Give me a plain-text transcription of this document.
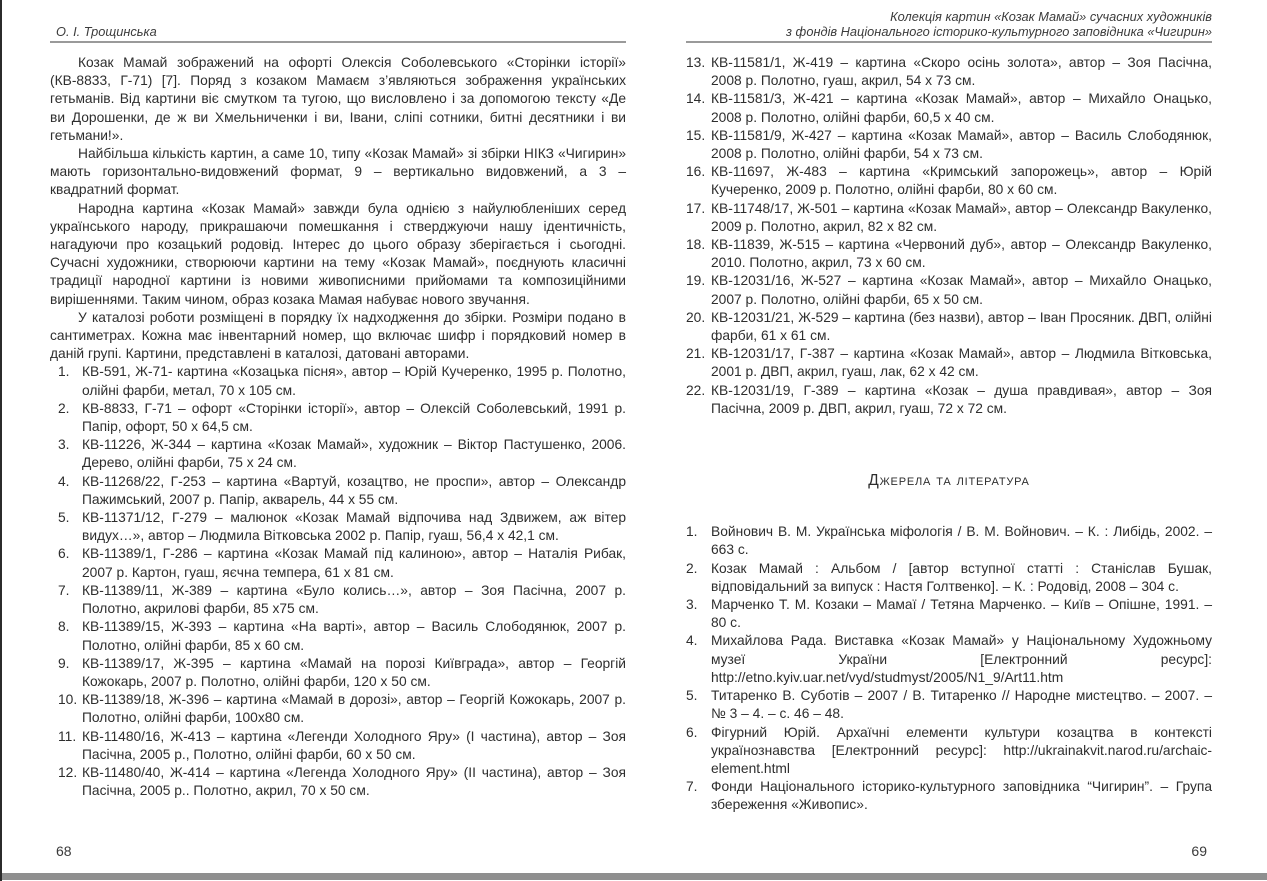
О. І. Трощинська

Козак Мамай зображений на офорті Олексія Соболевського «Сторінки історії» (КВ-8833, Г-71) [7]. Поряд з козаком Мамаєм з’являються зображення українських гетьманів. Від картини віє смутком та тугою, що висловлено і за допомогою тексту «Де ви Дорошенки, де ж ви Хмельниченки і ви, Івани, сліпі сотники, битні десятники і ви гетьмани!».

Найбільша кількість картин, а саме 10, типу «Козак Мамай» зі збірки НІКЗ «Чигирин» мають горизонтально-видовжений формат, 9 – вертикально видовжений, а 3 – квадратний формат.

Народна картина «Козак Мамай» завжди була однією з найулюбленіших серед українського народу, прикрашаючи помешкання і стверджуючи нашу ідентичність, нагадуючи про козацький родовід. Інтерес до цього образу зберігається і сьогодні. Сучасні художники, створюючи картини на тему «Козак Мамай», поєднують класичні традиції народної картини із новими живописними прийомами та композиційними вирішеннями. Таким чином, образ козака Мамая набуває нового звучання.

У каталозі роботи розміщені в порядку їх надходження до збірки. Розміри подано в сантиметрах. Кожна має інвентарний номер, що включає шифр і порядковий номер в даній групі. Картини, представлені в каталозі, датовані авторами.

1. КВ-591, Ж-71- картина «Козацька пісня», автор – Юрій Кучеренко, 1995 р. Полотно, олійні фарби, метал, 70 х 105 см.
2. КВ-8833, Г-71 – офорт «Сторінки історії», автор – Олексій Соболевський, 1991 р. Папір, офорт, 50 х 64,5 см.
3. КВ-11226, Ж-344 – картина «Козак Мамай», художник – Віктор Пастушенко, 2006. Дерево, олійні фарби, 75 х 24 см.
4. КВ-11268/22, Г-253 – картина «Вартуй, козацтво, не проспи», автор – Олександр Пажимський, 2007 р. Папір, акварель, 44 х 55 см.
5. КВ-11371/12, Г-279 – малюнок «Козак Мамай відпочива над Здвижем, аж вітер видух…», автор – Людмила Вітковська 2002 р. Папір, гуаш, 56,4 х 42,1 см.
6. КВ-11389/1, Г-286 – картина «Козак Мамай під калиною», автор – Наталія Рибак, 2007 р. Картон, гуаш, яєчна темпера, 61 х 81 см.
7. КВ-11389/11, Ж-389 – картина «Було колись…», автор – Зоя Пасічна, 2007 р. Полотно, акрилові фарби, 85 х75 см.
8. КВ-11389/15, Ж-393 – картина «На варті», автор – Василь Слободянюк, 2007 р. Полотно, олійні фарби, 85 х 60 см.
9. КВ-11389/17, Ж-395 – картина «Мамай на порозі Київграда», автор – Георгій Кожокарь, 2007 р. Полотно, олійні фарби, 120 х 50 см.
10. КВ-11389/18, Ж-396 – картина «Мамай в дорозі», автор – Георгій Кожокарь, 2007 р. Полотно, олійні фарби, 100х80 см.
11. КВ-11480/16, Ж-413 – картина «Легенди Холодного Яру» (І частина), автор – Зоя Пасічна, 2005 р., Полотно, олійні фарби, 60 х 50 см.
12. КВ-11480/40, Ж-414 – картина «Легенда Холодного Яру» (ІІ частина), автор – Зоя Пасічна, 2005 р.. Полотно, акрил, 70 х 50 см.
Колекція картин «Козак Мамай» сучасних художників
з фондів Національного історико-культурного заповідника «Чигирин»
13. КВ-11581/1, Ж-419 – картина «Скоро осінь золота», автор – Зоя Пасічна, 2008 р. Полотно, гуаш, акрил, 54 х 73 см.
14. КВ-11581/3, Ж-421 – картина «Козак Мамай», автор – Михайло Онацько, 2008 р. Полотно, олійні фарби, 60,5 х 40 см.
15. КВ-11581/9, Ж-427 – картина «Козак Мамай», автор – Василь Слободянюк, 2008 р. Полотно, олійні фарби, 54 х 73 см.
16. КВ-11697, Ж-483 – картина «Кримський запорожець», автор – Юрій Кучеренко, 2009 р. Полотно, олійні фарби, 80 х 60 см.
17. КВ-11748/17, Ж-501 – картина «Козак Мамай», автор – Олександр Вакуленко, 2009 р. Полотно, акрил, 82 х 82 см.
18. КВ-11839, Ж-515 – картина «Червоний дуб», автор – Олександр Вакуленко, 2010. Полотно, акрил, 73 х 60 см.
19. КВ-12031/16, Ж-527 – картина «Козак Мамай», автор – Михайло Онацько, 2007 р. Полотно, олійні фарби, 65 х 50 см.
20. КВ-12031/21, Ж-529 – картина (без назви), автор – Іван Просяник. ДВП, олійні фарби, 61 х 61 см.
21. КВ-12031/17, Г-387 – картина «Козак Мамай», автор – Людмила Вітковська, 2001 р. ДВП, акрил, гуаш, лак, 62 х 42 см.
22. КВ-12031/19, Г-389 – картина «Козак – душа правдивая», автор – Зоя Пасічна, 2009 р. ДВП, акрил, гуаш, 72 х 72 см.
Джерела та література
1. Войнович В. М. Українська міфологія / В. М. Войнович. – К. : Либідь, 2002. – 663 с.
2. Козак Мамай : Альбом / [автор вступної статті : Станіслав Бушак, відповідальний за випуск : Настя Голтвенко]. – К. : Родовід, 2008 – 304 с.
3. Марченко Т. М. Козаки – Мамаї / Тетяна Марченко. – Київ – Опішне, 1991. – 80 с.
4. Михайлова Рада. Виставка «Козак Мамай» у Національному Художньому музеї України [Електронний ресурс]: http://etno.kyiv.uar.net/vyd/studmyst/2005/N1_9/Art11.htm
5. Титаренко В. Суботів – 2007 / В. Титаренко // Народне мистецтво. – 2007. – № 3 – 4. – с. 46 – 48.
6. Фігурний Юрій. Архаїчні елементи культури козацтва в контексті українознавства [Електронний ресурс]: http://ukrainakvit.narod.ru/archaic-element.html
7. Фонди Національного історико-культурного заповідника “Чигирин”. – Група збереження «Живопис».
68	69
